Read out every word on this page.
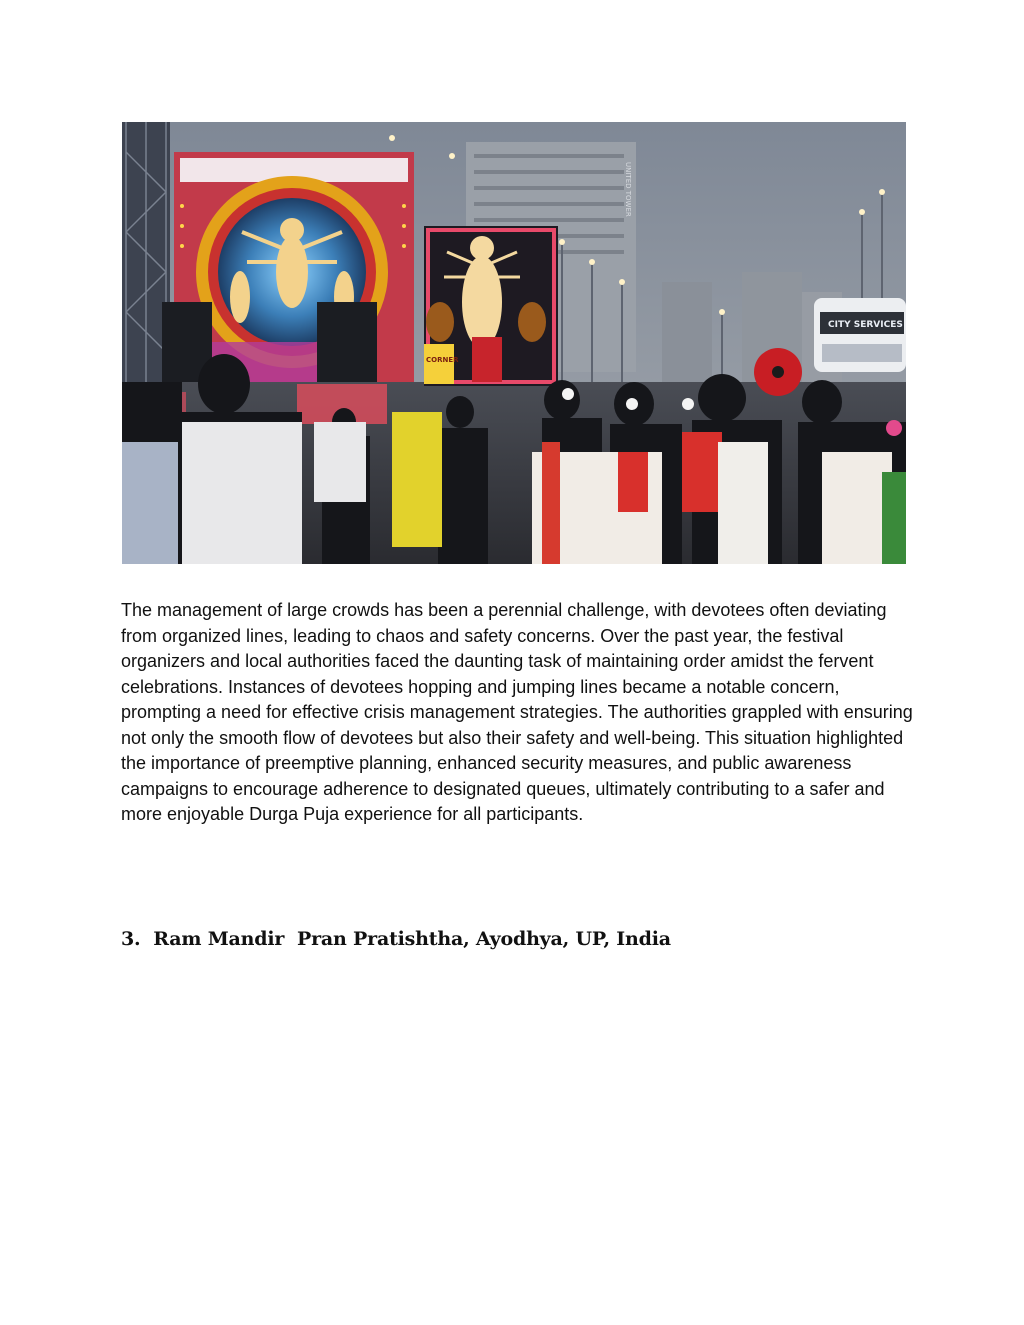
UNITED TOWER
CORNER
CITY SERVICES

The management of large crowds has been a perennial challenge, with devotees often deviating from organized lines, leading to chaos and safety concerns. Over the past year, the festival organizers and local authorities faced the daunting task of maintaining order amidst the fervent celebrations. Instances of devotees hopping and jumping lines became a notable concern, prompting a need for effective crisis management strategies. The authorities grappled with ensuring not only the smooth flow of devotees but also their safety and well-being. This situation highlighted the importance of preemptive planning, enhanced security measures, and public awareness campaigns to encourage adherence to designated queues, ultimately contributing to a safer and more enjoyable Durga Puja experience for all participants.

3.  Ram Mandir  Pran Pratishtha, Ayodhya, UP, India
